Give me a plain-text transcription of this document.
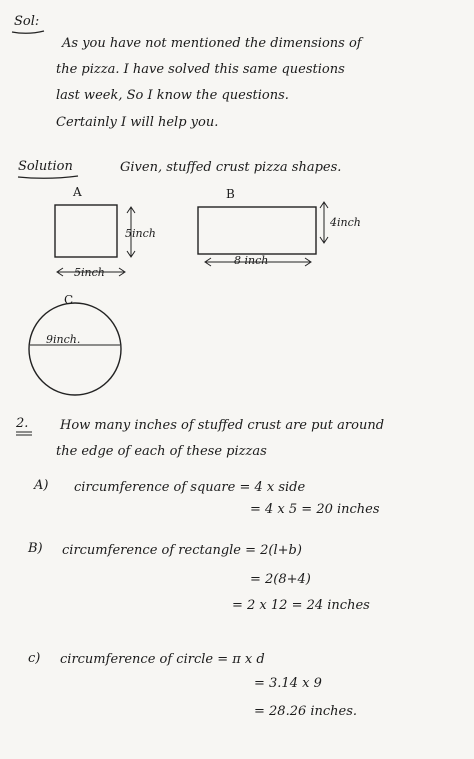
Sol:
As you have not mentioned the dimensions of
the pizza. I have solved this same questions
last week, So I know the questions.
Certainly I will help you.
Solution	Given, stuffed crust pizza shapes.
A
5inch
5inch
B
4inch
8 inch
C
9inch.
2. How many inches of stuffed crust are put around
the edge of each of these pizzas
A) circumference of square = 4 x side
= 4 x 5 = 20 inches
B) circumference of rectangle = 2(l+b)
= 2(8+4)
= 2 x 12 = 24 inches
c) circumference of circle = π x d
= 3.14 x 9
= 28.26 inches.
